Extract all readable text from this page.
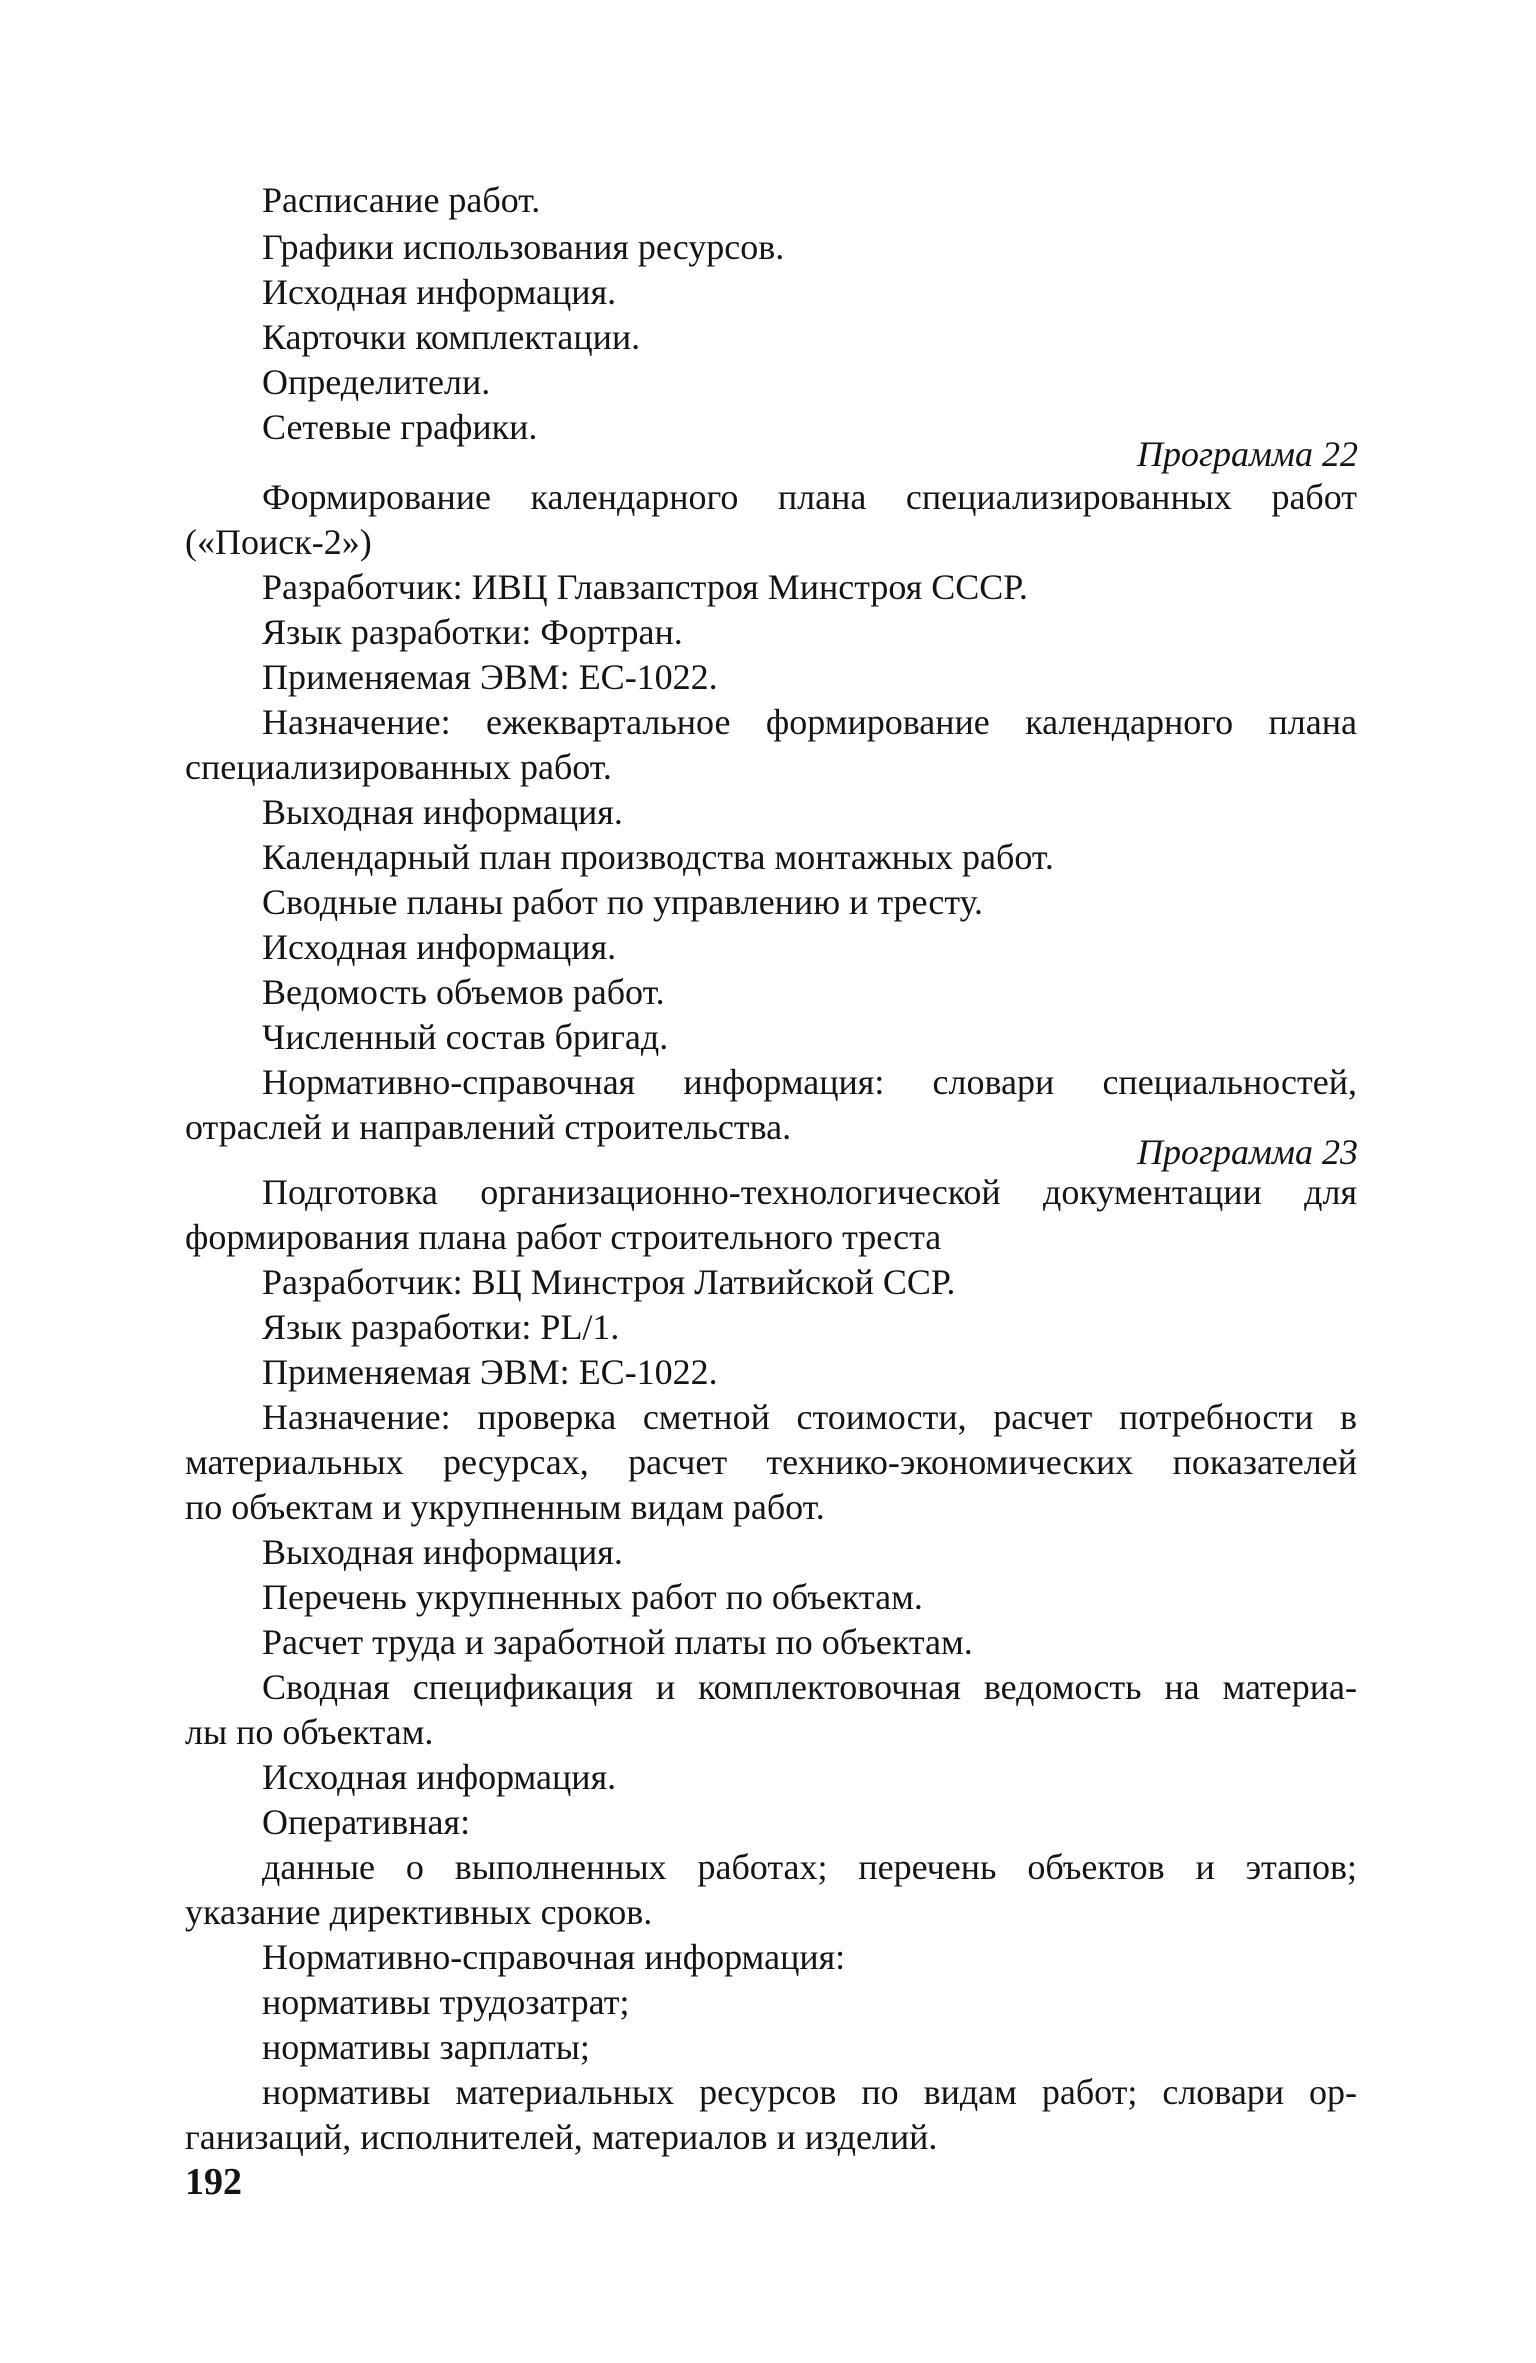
Расписание работ.
Графики использования ресурсов.
Исходная информация.
Карточки комплектации.
Определители.
Сетевые графики.
Программа 22
Формирование календарного плана специализированных работ
(«Поиск-2»)
Разработчик: ИВЦ Главзапстроя Минстроя СССР.
Язык разработки: Фортран.
Применяемая ЭВМ: ЕС-1022.
Назначение: ежеквартальное формирование календарного плана
специализированных работ.
Выходная информация.
Календарный план производства монтажных работ.
Сводные планы работ по управлению и тресту.
Исходная информация.
Ведомость объемов работ.
Численный состав бригад.
Нормативно-справочная информация: словари специальностей,
отраслей и направлений строительства.
Программа 23
Подготовка организационно-технологической документации для
формирования плана работ строительного треста
Разработчик: ВЦ Минстроя Латвийской ССР.
Язык разработки: PL/1.
Применяемая ЭВМ: ЕС-1022.
Назначение: проверка сметной стоимости, расчет потребности в
материальных ресурсах, расчет технико-экономических показателей
по объектам и укрупненным видам работ.
Выходная информация.
Перечень укрупненных работ по объектам.
Расчет труда и заработной платы по объектам.
Сводная спецификация и комплектовочная ведомость на материа-
лы по объектам.
Исходная информация.
Оперативная:
данные о выполненных работах; перечень объектов и этапов;
указание директивных сроков.
Нормативно-справочная информация:
нормативы трудозатрат;
нормативы зарплаты;
нормативы материальных ресурсов по видам работ; словари ор-
ганизаций, исполнителей, материалов и изделий.
192
